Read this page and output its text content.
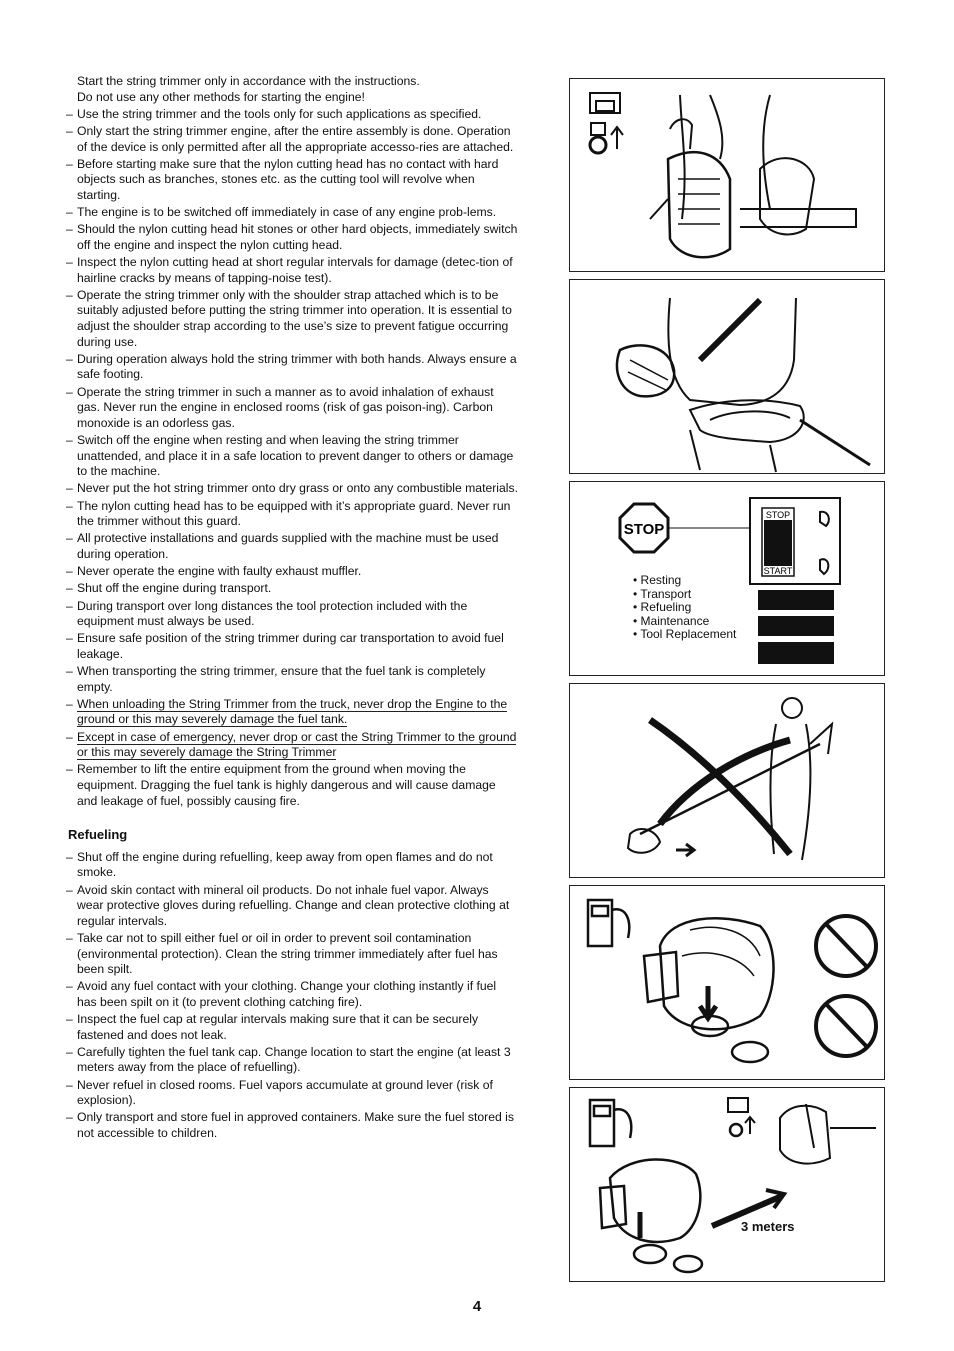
Start the string trimmer only in accordance with the instructions.
Do not use any other methods for starting the engine!
– Use the string trimmer and the tools only for such applications as specified.
– Only start the string trimmer engine, after the entire assembly is done. Operation of the device is only permitted after all the appropriate accesso-ries are attached.
– Before starting make sure that the nylon cutting head has no contact with hard objects such as branches, stones etc. as the cutting tool will revolve when starting.
– The engine is to be switched off immediately in case of any engine prob-lems.
– Should the nylon cutting head hit stones or other hard objects, immediately switch off the engine and inspect the nylon cutting head.
– Inspect the nylon cutting head at short regular intervals for damage (detec-tion of hairline cracks by means of tapping-noise test).
– Operate the string trimmer only with the shoulder strap attached which is to be suitably adjusted before putting the string trimmer into operation. It is essential to adjust the shoulder strap according to the use’s size to prevent fatigue occurring during use.
– During operation always hold the string trimmer with both hands. Always ensure a safe footing.
– Operate the string trimmer in such a manner as to avoid inhalation of exhaust gas. Never run the engine in enclosed rooms (risk of gas poison-ing). Carbon monoxide is an odorless gas.
– Switch off the engine when resting and when leaving the string trimmer unattended, and place it in a safe location to prevent danger to others or damage to the machine.
– Never put the hot string trimmer onto dry grass or onto any combustible materials.
– The nylon cutting head has to be equipped with it’s appropriate guard. Never run the trimmer without this guard.
– All protective installations and guards supplied with the machine must be used during operation.
– Never operate the engine with faulty exhaust muffler.
– Shut off the engine during transport.
– During transport over long distances the tool protection included with the equipment must always be used.
– Ensure safe position of the string trimmer during car transportation to avoid fuel leakage.
– When transporting the string trimmer, ensure that the fuel tank is completely empty.
– When unloading the String Trimmer from the truck, never drop the Engine to the ground or this may severely damage the fuel tank.
– Except in case of emergency, never drop or cast the String Trimmer to the ground or this may severely damage the String Trimmer
– Remember to lift the entire equipment from the ground when moving the equipment. Dragging the fuel tank is highly dangerous and will cause damage and leakage of fuel, possibly causing fire.
Refueling
– Shut off the engine during refuelling, keep away from open flames and do not smoke.
– Avoid skin contact with mineral oil products. Do not inhale fuel vapor. Always wear protective gloves during refuelling. Change and clean protective clothing at regular intervals.
– Take car not to spill either fuel or oil in order to prevent soil contamination (environmental protection). Clean the string trimmer immediately after fuel has been spilt.
– Avoid any fuel contact with your clothing. Change your clothing instantly if fuel has been spilt on it (to prevent clothing catching fire).
– Inspect the fuel cap at regular intervals making sure that it can be securely fastened and does not leak.
– Carefully tighten the fuel tank cap. Change location to start the engine (at least 3 meters away from the place of refuelling).
– Never refuel in closed rooms. Fuel vapors accumulate at ground lever (risk of explosion).
– Only transport and store fuel in approved containers. Make sure the fuel stored is not accessible to children.
STOP
STOP
START
• Resting
• Transport
• Refueling
• Maintenance
• Tool Replacement
3 meters
4
